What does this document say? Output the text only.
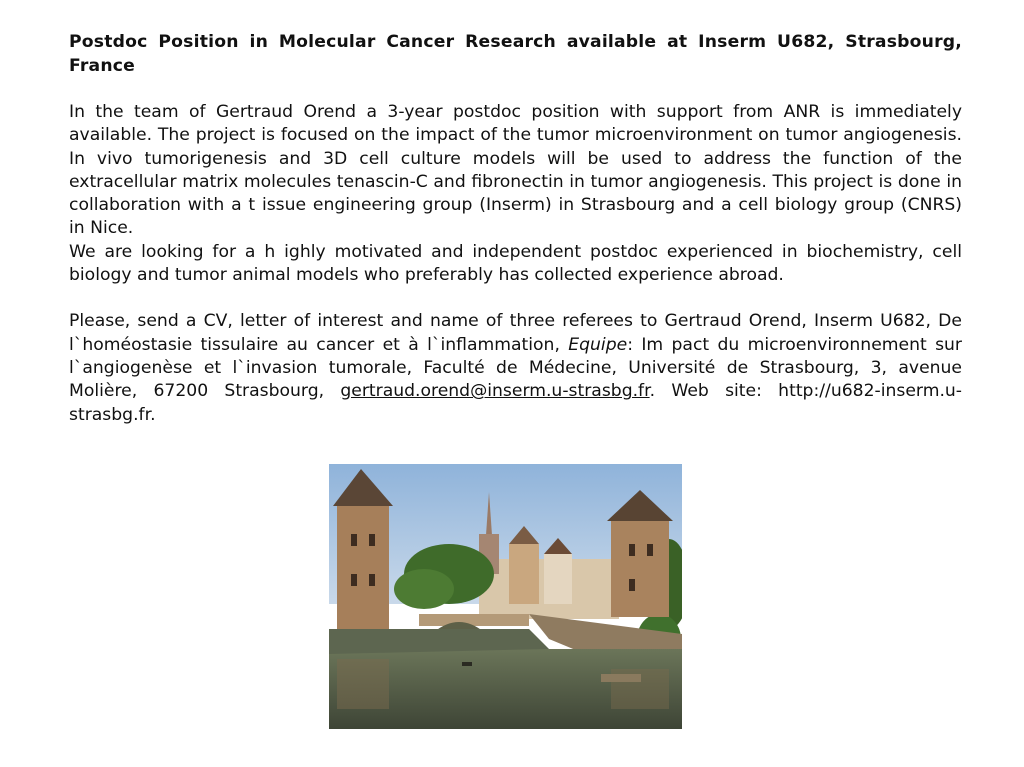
Postdoc Position in Molecular Cancer Research available at Inserm U682, Strasbourg, France

In the team of Gertraud Orend a 3-year postdoc position with support from ANR is immediately available. The project is focused on the impact of the tumor microenvironment on tumor angiogenesis. In vivo tumorigenesis and 3D cell culture models will be used to address the function of the extracellular matrix molecules tenascin-C and fibronectin in tumor angiogenesis. This project is done in collaboration with a t issue engineering group (Inserm) in Strasbourg and a cell biology group (CNRS) in Nice.

We are looking for a h ighly motivated and independent postdoc experienced in biochemistry, cell biology and tumor animal models who preferably has collected experience abroad.

Please, send a CV, letter of interest and name of three referees to Gertraud Orend, Inserm U682, De l`homéostasie tissulaire au cancer et à l`inflammation, Equipe: Im pact du microenvironnement sur l`angiogenèse et l`invasion tumorale, Faculté de Médecine, Université de Strasbourg, 3, avenue Molière, 67200 Strasbourg, gertraud.orend@inserm.u-strasbg.fr. Web site: http://u682-inserm.u-strasbg.fr.
